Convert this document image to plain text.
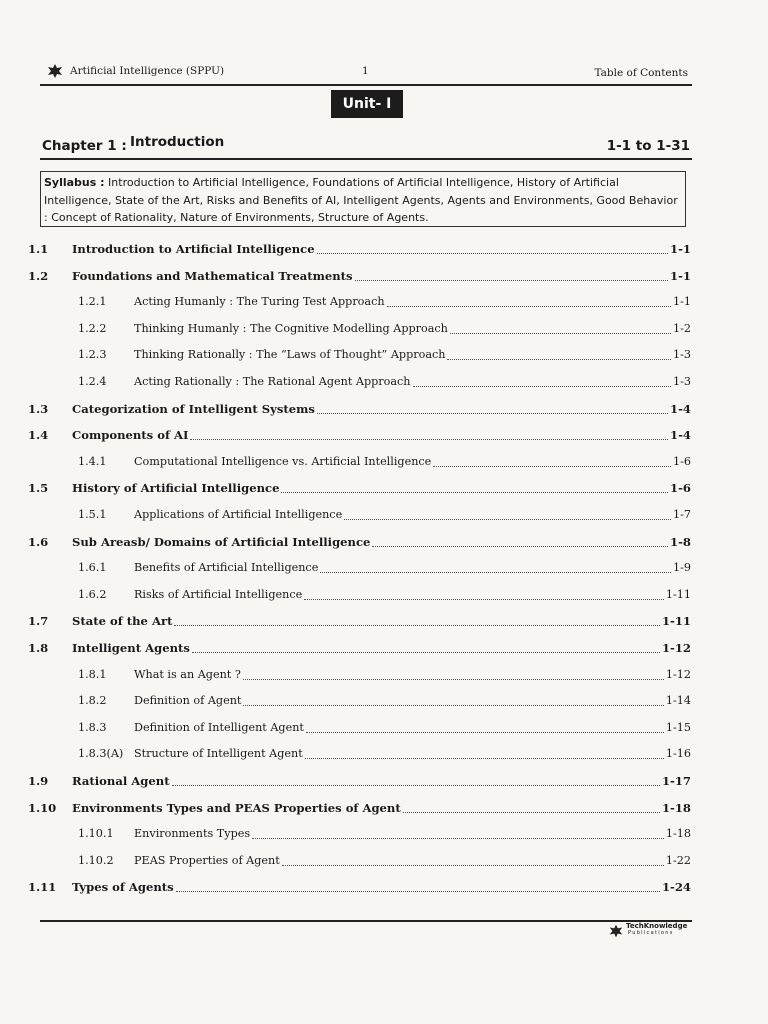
Artificial Intelligence (SPPU)	1	Table of Contents
Unit- I
Chapter 1 : Introduction	1-1 to 1-31
Syllabus : Introduction to Artificial Intelligence, Foundations of Artificial Intelligence, History of Artificial Intelligence, State of the Art, Risks and Benefits of AI, Intelligent Agents, Agents and Environments, Good Behavior : Concept of Rationality, Nature of Environments, Structure of Agents.
1.1 Introduction to Artificial Intelligence	1-1
1.2 Foundations and Mathematical Treatments	1-1
1.2.1 Acting Humanly : The Turing Test Approach	1-1
1.2.2 Thinking Humanly : The Cognitive Modelling Approach	1-2
1.2.3 Thinking Rationally : The “Laws of Thought” Approach	1-3
1.2.4 Acting Rationally : The Rational Agent Approach	1-3
1.3 Categorization of Intelligent Systems	1-4
1.4 Components of AI	1-4
1.4.1 Computational Intelligence vs. Artificial Intelligence	1-6
1.5 History of Artificial Intelligence	1-6
1.5.1 Applications of Artificial Intelligence	1-7
1.6 Sub Areasb/ Domains of Artificial Intelligence	1-8
1.6.1 Benefits of Artificial Intelligence	1-9
1.6.2 Risks of Artificial Intelligence	1-11
1.7 State of the Art	1-11
1.8 Intelligent Agents	1-12
1.8.1 What is an Agent ?	1-12
1.8.2 Definition of Agent	1-14
1.8.3 Definition of Intelligent Agent	1-15
1.8.3(A) Structure of Intelligent Agent	1-16
1.9 Rational Agent	1-17
1.10 Environments Types and PEAS Properties of Agent	1-18
1.10.1 Environments Types	1-18
1.10.2 PEAS Properties of Agent	1-22
1.11 Types of Agents	1-24
TechKnowledge
Publications
